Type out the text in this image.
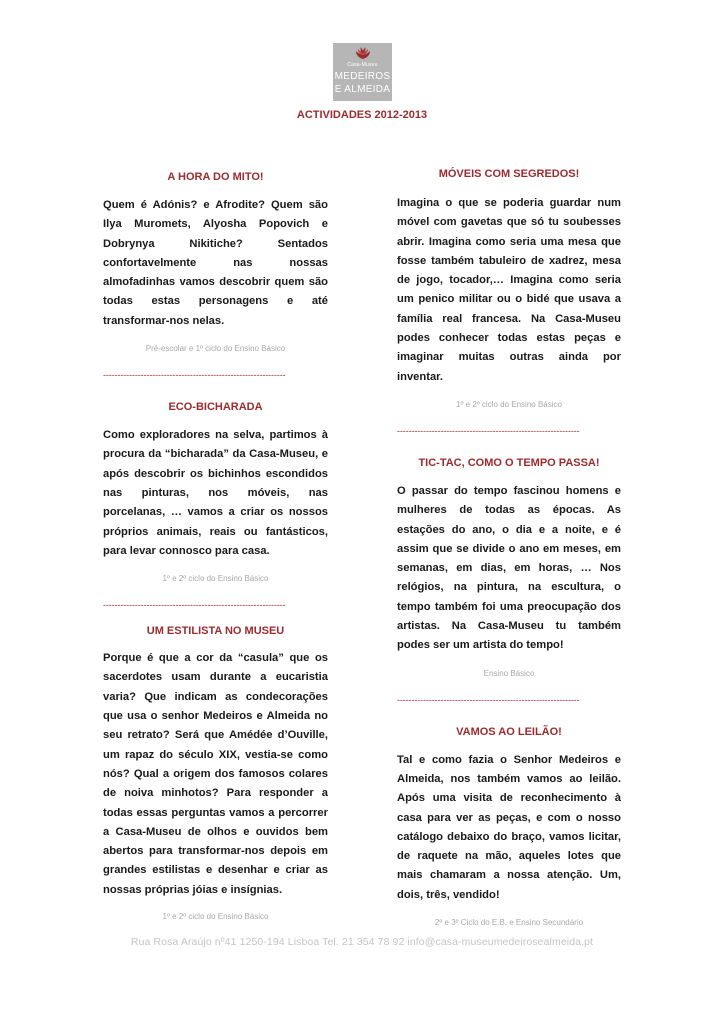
Casa-Museu
MEDEIROS
E ALMEIDA
ACTIVIDADES 2012-2013
A HORA DO MITO!
Quem é Adónis? e Afrodite? Quem são Ilya Muromets, Alyosha Popovich e Dobrynya Nikitiche? Sentados confortavelmente nas nossas almofadinhas vamos descobrir quem são todas estas personagens e até transformar-nos nelas.
Pré-escolar e 1º ciclo do Ensino Básico
- - -
ECO-BICHARADA
Como exploradores na selva, partimos à procura da “bicharada” da Casa-Museu, e após descobrir os bichinhos escondidos nas pinturas, nos móveis, nas porcelanas, … vamos a criar os nossos próprios animais, reais ou fantásticos, para levar connosco para casa.
1º e 2º ciclo do Ensino Básico
- - -
UM ESTILISTA NO MUSEU
Porque é que a cor da “casula” que os sacerdotes usam durante a eucaristia varia? Que indicam as condecorações que usa o senhor Medeiros e Almeida no seu retrato? Será que Amédée d’Ouville, um rapaz do século XIX, vestia-se como nós? Qual a origem dos famosos colares de noiva minhotos? Para responder a todas essas perguntas vamos a percorrer a Casa-Museu de olhos e ouvidos bem abertos para transformar-nos depois em grandes estilistas e desenhar e criar as nossas próprias jóias e insígnias.
1º e 2º ciclo do Ensino Básico
MÓVEIS COM SEGREDOS!
Imagina o que se poderia guardar num móvel com gavetas que só tu soubesses abrir. Imagina como seria uma mesa que fosse também tabuleiro de xadrez, mesa de jogo, tocador,… Imagina como seria um penico militar ou o bidé que usava a família real francesa. Na Casa-Museu podes conhecer todas estas peças e imaginar muitas outras ainda por inventar.
1º e 2º ciclo do Ensino Básico
- - -
TIC-TAC, COMO O TEMPO PASSA!
O passar do tempo fascinou homens e mulheres de todas as épocas. As estações do ano, o dia e a noite, e é assim que se divide o ano em meses, em semanas, em dias, em horas, … Nos relógios, na pintura, na escultura, o tempo também foi uma preocupação dos artistas. Na Casa-Museu tu também podes ser um artista do tempo!
Ensino Básico
- - -
VAMOS AO LEILÃO!
Tal e como fazia o Senhor Medeiros e Almeida, nos também vamos ao leilão. Após uma visita de reconhecimento à casa para ver as peças, e com o nosso catálogo debaixo do braço, vamos licitar, de raquete na mão, aqueles lotes que mais chamaram a nossa atenção. Um, dois, três, vendido!
2º e 3º Ciclo do E.B. e Ensino Secundário
Rua Rosa Araújo nº41 1250-194 Lisboa Tel. 21 354 78 92 info@casa-museumedeirosealmeida.pt
